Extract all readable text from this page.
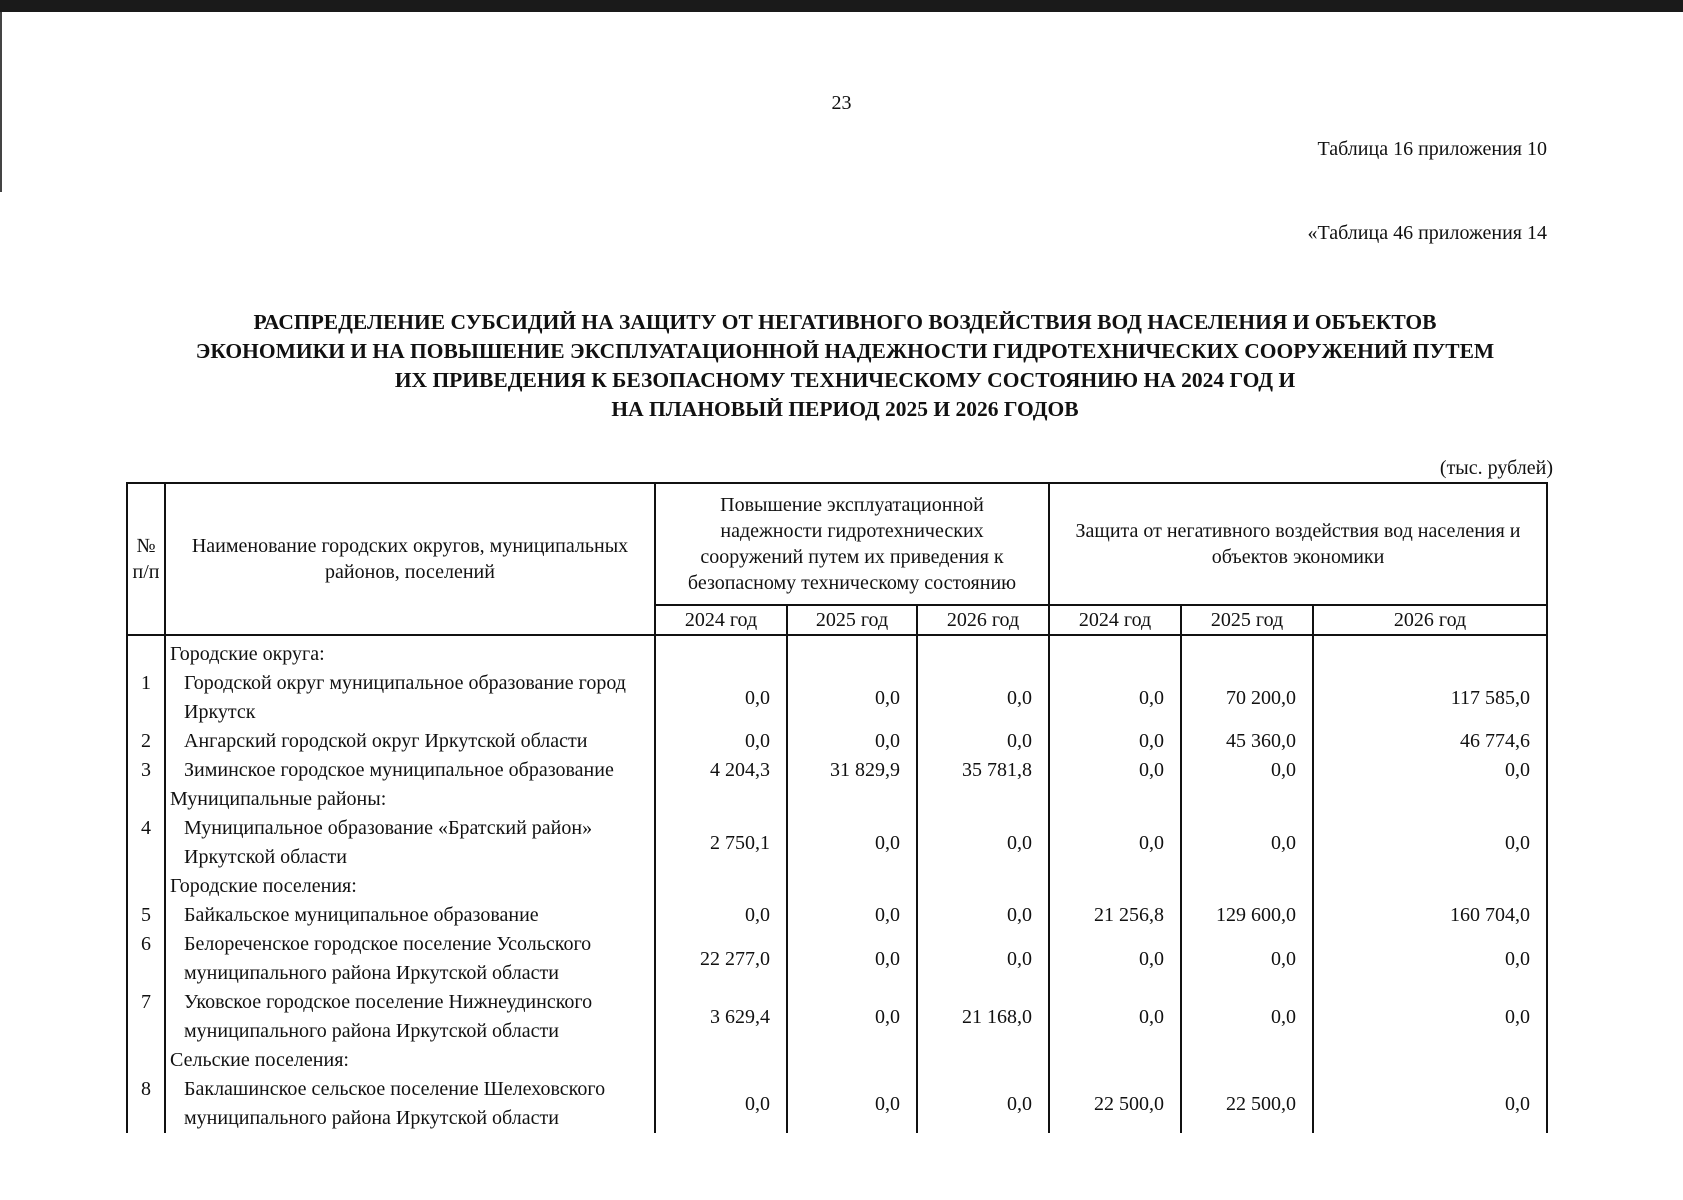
23
Таблица 16 приложения 10
«Таблица 46 приложения 14
РАСПРЕДЕЛЕНИЕ СУБСИДИЙ НА ЗАЩИТУ ОТ НЕГАТИВНОГО ВОЗДЕЙСТВИЯ ВОД НАСЕЛЕНИЯ И ОБЪЕКТОВ
ЭКОНОМИКИ И НА ПОВЫШЕНИЕ ЭКСПЛУАТАЦИОННОЙ НАДЕЖНОСТИ ГИДРОТЕХНИЧЕСКИХ СООРУЖЕНИЙ ПУТЕМ
ИХ ПРИВЕДЕНИЯ К БЕЗОПАСНОМУ ТЕХНИЧЕСКОМУ СОСТОЯНИЮ НА 2024 ГОД И
НА ПЛАНОВЫЙ ПЕРИОД 2025 И 2026 ГОДОВ
(тыс. рублей)
№ п/п	Наименование городских округов, муниципальных районов, поселений	Повышение эксплуатационной надежности гидротехнических сооружений путем их приведения к безопасному техническому состоянию			Защита от негативного воздействия вод населения и объектов экономики		
		2024 год	2025 год	2026 год	2024 год	2025 год	2026 год
	Городские округа:						
1	Городской округ муниципальное образование город Иркутск	0,0	0,0	0,0	0,0	70 200,0	117 585,0
2	Ангарский городской округ Иркутской области	0,0	0,0	0,0	0,0	45 360,0	46 774,6
3	Зиминское городское муниципальное образование	4 204,3	31 829,9	35 781,8	0,0	0,0	0,0
	Муниципальные районы:						
4	Муниципальное образование «Братский район» Иркутской области	2 750,1	0,0	0,0	0,0	0,0	0,0
	Городские поселения:						
5	Байкальское муниципальное образование	0,0	0,0	0,0	21 256,8	129 600,0	160 704,0
6	Белореченское городское поселение Усольского муниципального района Иркутской области	22 277,0	0,0	0,0	0,0	0,0	0,0
7	Уковское городское поселение Нижнеудинского муниципального района Иркутской области	3 629,4	0,0	21 168,0	0,0	0,0	0,0
	Сельские поселения:						
8	Баклашинское сельское поселение Шелеховского муниципального района Иркутской области	0,0	0,0	0,0	22 500,0	22 500,0	0,0
